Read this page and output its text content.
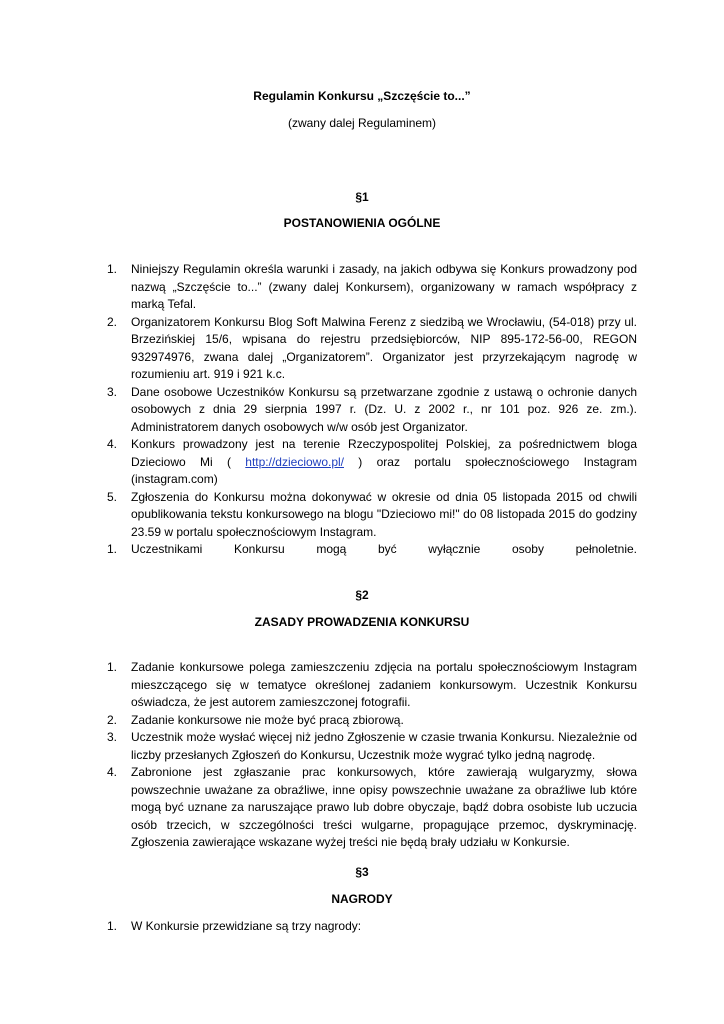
Regulamin Konkursu „Szczęście to...”
(zwany dalej Regulaminem)
§1
POSTANOWIENIA OGÓLNE
1. Niniejszy Regulamin określa warunki i zasady, na jakich odbywa się Konkurs prowadzony pod nazwą „Szczęście to...” (zwany dalej Konkursem), organizowany w ramach współpracy z marką Tefal.
2. Organizatorem Konkursu Blog Soft Malwina Ferenz z siedzibą we Wrocławiu, (54-018) przy ul. Brzezińskiej 15/6, wpisana do rejestru przedsiębiorców, NIP 895-172-56-00, REGON 932974976, zwana dalej „Organizatorem”. Organizator jest przyrzekającym nagrodę w rozumieniu art. 919 i 921 k.c.
3. Dane osobowe Uczestników Konkursu są przetwarzane zgodnie z ustawą o ochronie danych osobowych z dnia 29 sierpnia 1997 r. (Dz. U. z 2002 r., nr 101 poz. 926 ze. zm.). Administratorem danych osobowych w/w osób jest Organizator.
4. Konkurs prowadzony jest na terenie Rzeczypospolitej Polskiej, za pośrednictwem bloga Dzieciowo Mi ( http://dzieciowo.pl/ ) oraz portalu społecznościowego Instagram (instagram.com)
5. Zgłoszenia do Konkursu można dokonywać w okresie od dnia 05 listopada 2015 od chwili opublikowania tekstu konkursowego na blogu "Dzieciowo mi!" do 08 listopada 2015 do godziny 23.59 w portalu społecznościowym Instagram.
1. Uczestnikami Konkursu mogą być wyłącznie osoby pełnoletnie.
§2
ZASADY PROWADZENIA KONKURSU
1. Zadanie konkursowe polega zamieszczeniu zdjęcia na portalu społecznościowym Instagram mieszczącego się w tematyce określonej zadaniem konkursowym. Uczestnik Konkursu oświadcza, że jest autorem zamieszczonej fotografii.
2. Zadanie konkursowe nie może być pracą zbiorową.
3. Uczestnik może wysłać więcej niż jedno Zgłoszenie w czasie trwania Konkursu. Niezależnie od liczby przesłanych Zgłoszeń do Konkursu, Uczestnik może wygrać tylko jedną nagrodę.
4. Zabronione jest zgłaszanie prac konkursowych, które zawierają wulgaryzmy, słowa powszechnie uważane za obraźliwe, inne opisy powszechnie uważane za obraźliwe lub które mogą być uznane za naruszające prawo lub dobre obyczaje, bądź dobra osobiste lub uczucia osób trzecich, w szczególności treści wulgarne, propagujące przemoc, dyskryminację. Zgłoszenia zawierające wskazane wyżej treści nie będą brały udziału w Konkursie.
§3
NAGRODY
1. W Konkursie przewidziane są trzy nagrody:
